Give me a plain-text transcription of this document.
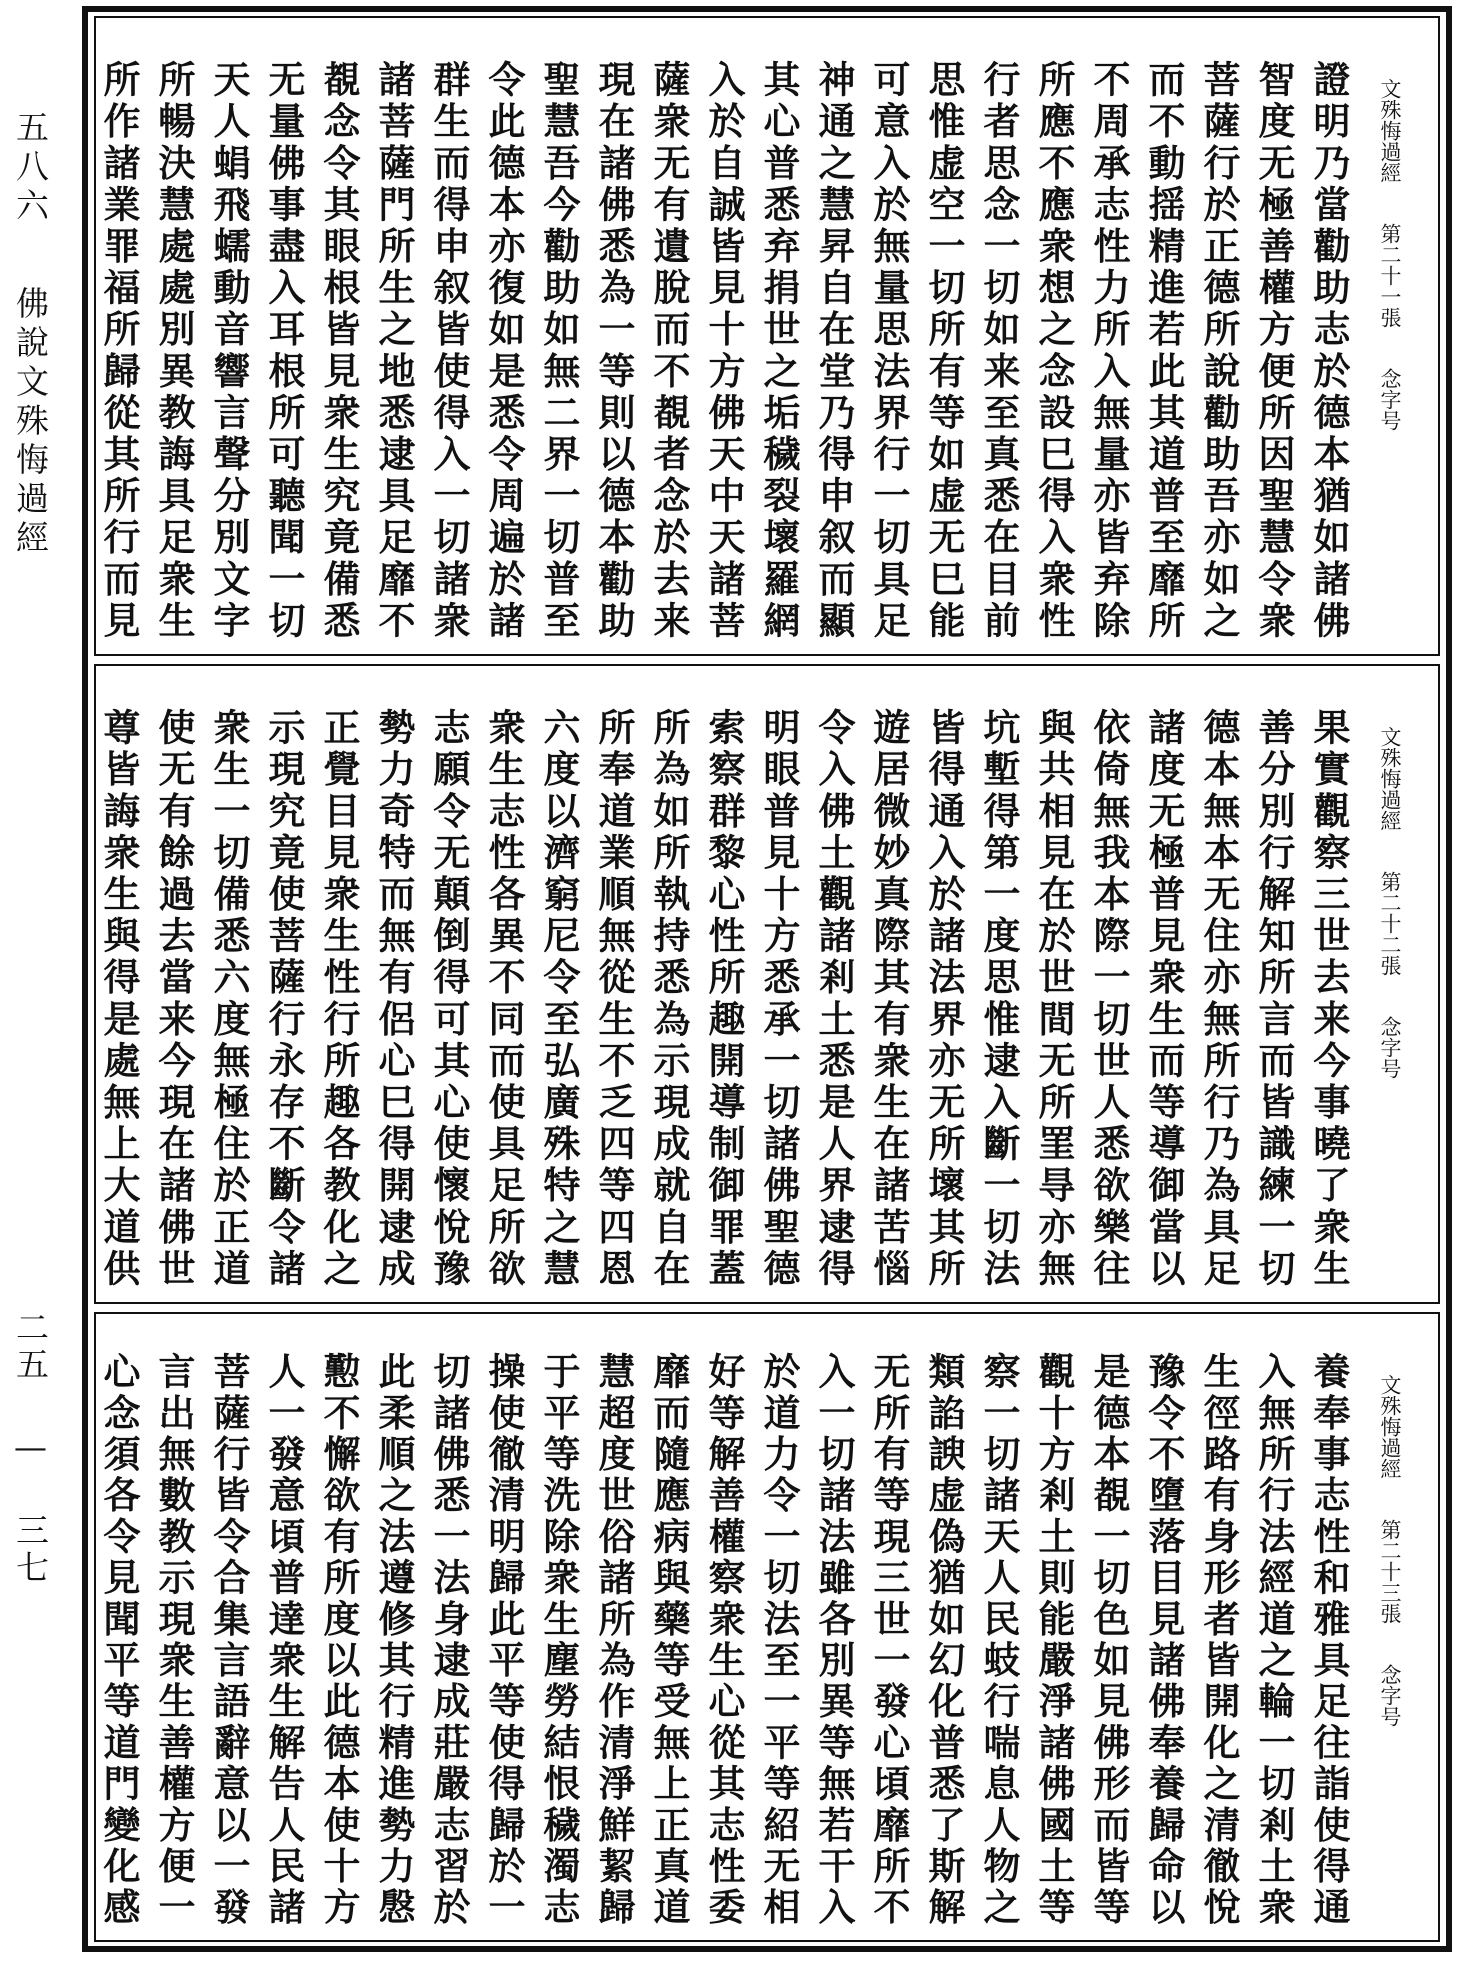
五八六 佛說文殊悔過經
二五 — 三七
文殊悔過經第二十一張念字号
證明乃當勸助志於德本猶如諸佛
智度无極善權方便所因聖慧令衆
菩薩行於正德所說勸助吾亦如之
而不動揺精進若此其道普至靡所
不周承志性力所入無量亦皆弃除
所應不應衆想之念設巳得入衆性
行者思念一切如来至真悉在目前
思惟虚空一切所有等如虚无巳能
可意入於無量思法界行一切具足
神通之慧昇自在堂乃得申叙而顯
其心普悉弃捐世之垢穢裂壞羅網
入於自誠皆見十方佛天中天諸菩
薩衆无有遺脫而不覩者念於去来
現在諸佛悉為一等則以德本勸助
聖慧吾今勸助如無二界一切普至
令此德本亦復如是悉令周遍於諸
群生而得申叙皆使得入一切諸衆
諸菩薩門所生之地悉逮具足靡不
覩念令其眼根皆見衆生究竟備悉
无量佛事盡入耳根所可聽聞一切
天人蜎飛蠕動音響言聲分別文字
所暢決慧處處別異教誨具足衆生
所作諸業罪福所歸從其所行而見
文殊悔過經第二十二張念字号
果實觀察三世去来今事曉了衆生
善分別行解知所言而皆識練一切
德本無本无住亦無所行乃為具足
諸度无極普見衆生而等導御當以
依倚無我本際一切世人悉欲樂往
與共相見在於世間无所罣㝵亦無
坑塹得第一度思惟逮入斷一切法
皆得通入於諸法界亦无所壞其所
遊居微妙真際其有衆生在諸苦惱
令入佛土觀諸剎土悉是人界逮得
明眼普見十方悉承一切諸佛聖德
索察群黎心性所趣開導制御罪蓋
所為如所執持悉為示現成就自在
所奉道業順無從生不乏四等四恩
六度以濟窮尼令至弘廣殊特之慧
衆生志性各異不同而使具足所欲
志願令无顛倒得可其心使懷悅豫
勢力奇特而無有侶心巳得開逮成
正覺目見衆生性行所趣各教化之
示現究竟使菩薩行永存不斷令諸
衆生一切備悉六度無極住於正道
使无有餘過去當来今現在諸佛世
尊皆誨衆生與得是處無上大道供
文殊悔過經第二十三張念字号
養奉事志性和雅具足往詣使得通
入無所行法經道之輪一切剎土衆
生徑路有身形者皆開化之清徹悅
豫令不墮落目見諸佛奉養歸命以
是德本覩一切色如見佛形而皆等
觀十方剎土則能嚴淨諸佛國土等
察一切諸天人民蚑行喘息人物之
類諂諛虚偽猶如幻化普悉了斯解
无所有等現三世一發心頃靡所不
入一切諸法雖各別異等無若干入
於道力令一切法至一平等紹无相
好等解善權察衆生心從其志性委
靡而隨應病與藥等受無上正真道
慧超度世俗諸所為作清淨鮮絜歸
于平等洗除衆生塵勞結恨穢濁志
操使徹清明歸此平等使得歸於一
切諸佛悉一法身逮成莊嚴志習於
此柔順之法遵修其行精進勢力慇
懃不懈欲有所度以此德本使十方
人一發意頃普達衆生解告人民諸
菩薩行皆令合集言語辭意以一發
言出無數教示現衆生善權方便一
心念須各令見聞平等道門變化感
